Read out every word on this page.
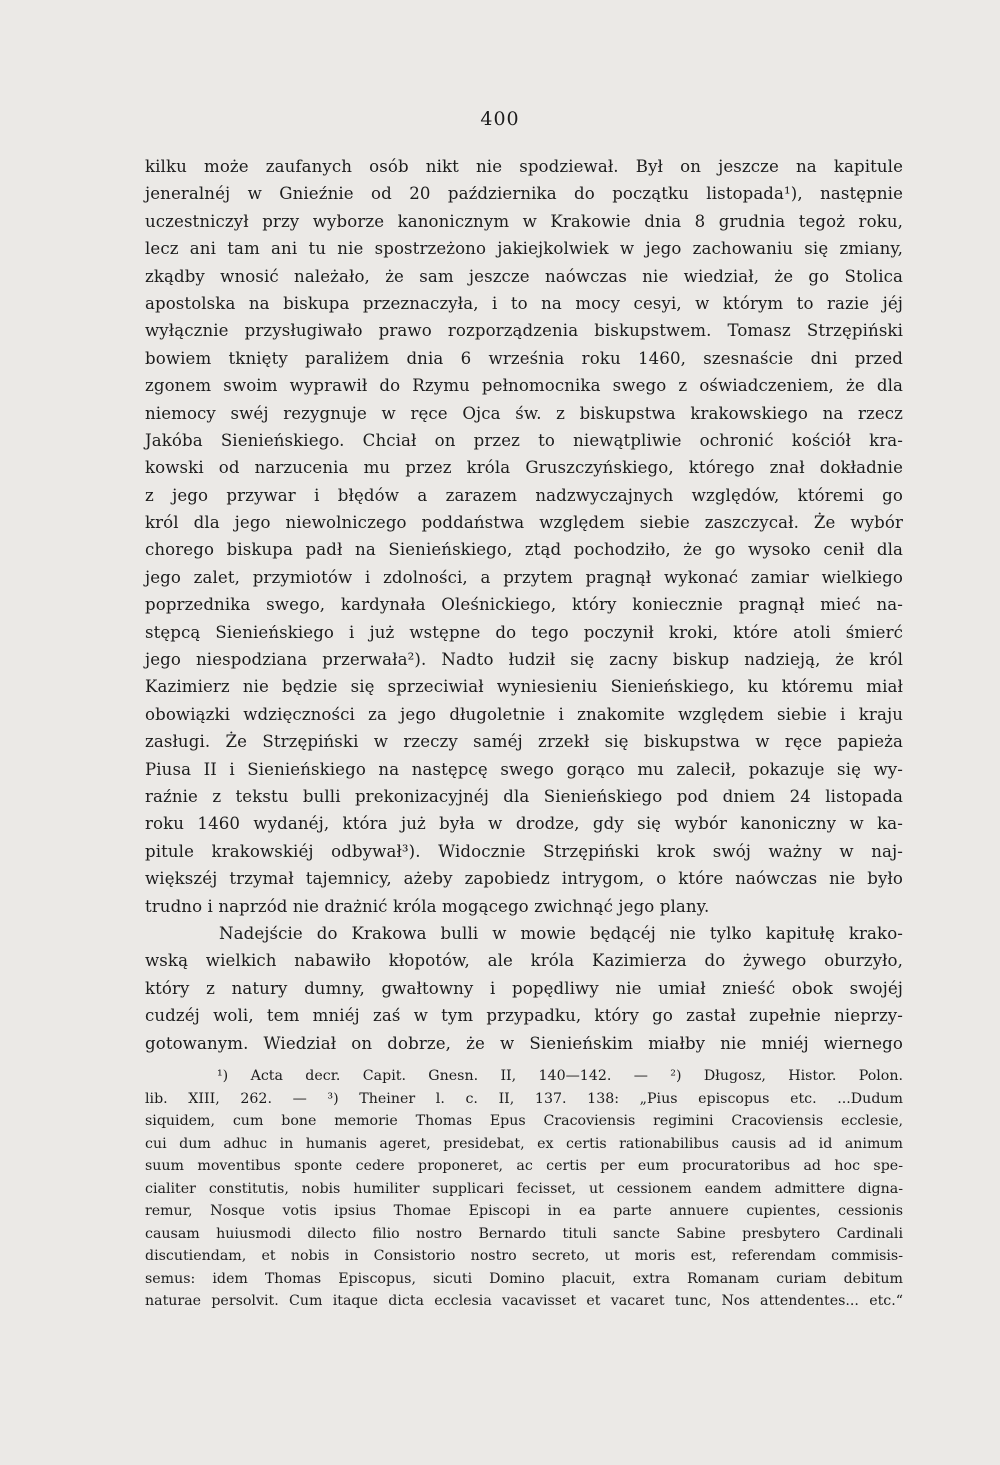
400
kilku może zaufanych osób nikt nie spodziewał. Był on jeszcze na kapitule
jeneralnéj w Gnieźnie od 20 października do początku listopada¹), następnie
uczestniczył przy wyborze kanonicznym w Krakowie dnia 8 grudnia tegoż roku,
lecz ani tam ani tu nie spostrzeżono jakiejkolwiek w jego zachowaniu się zmiany,
zkądby wnosić należało, że sam jeszcze naówczas nie wiedział, że go Stolica
apostolska na biskupa przeznaczyła, i to na mocy cesyi, w którym to razie jéj
wyłącznie przysługiwało prawo rozporządzenia biskupstwem. Tomasz Strzępiński
bowiem tknięty paraliżem dnia 6 września roku 1460, szesnaście dni przed
zgonem swoim wyprawił do Rzymu pełnomocnika swego z oświadczeniem, że dla
niemocy swéj rezygnuje w ręce Ojca św. z biskupstwa krakowskiego na rzecz
Jakóba Sienieńskiego. Chciał on przez to niewątpliwie ochronić kościół kra-
kowski od narzucenia mu przez króla Gruszczyńskiego, którego znał dokładnie
z jego przywar i błędów a zarazem nadzwyczajnych względów, któremi go
król dla jego niewolniczego poddaństwa względem siebie zaszczycał. Że wybór
chorego biskupa padł na Sienieńskiego, ztąd pochodziło, że go wysoko cenił dla
jego zalet, przymiotów i zdolności, a przytem pragnął wykonać zamiar wielkiego
poprzednika swego, kardynała Oleśnickiego, który koniecznie pragnął mieć na-
stępcą Sienieńskiego i już wstępne do tego poczynił kroki, które atoli śmierć
jego niespodziana przerwała²). Nadto łudził się zacny biskup nadzieją, że król
Kazimierz nie będzie się sprzeciwiał wyniesieniu Sienieńskiego, ku któremu miał
obowiązki wdzięczności za jego długoletnie i znakomite względem siebie i kraju
zasługi. Że Strzępiński w rzeczy saméj zrzekł się biskupstwa w ręce papieża
Piusa II i Sienieńskiego na następcę swego gorąco mu zalecił, pokazuje się wy-
raźnie z tekstu bulli prekonizacyjnéj dla Sienieńskiego pod dniem 24 listopada
roku 1460 wydanéj, która już była w drodze, gdy się wybór kanoniczny w ka-
pitule krakowskiéj odbywał³). Widocznie Strzępiński krok swój ważny w naj-
większéj trzymał tajemnicy, ażeby zapobiedz intrygom, o które naówczas nie było
trudno i naprzód nie drażnić króla mogącego zwichnąć jego plany.
Nadejście do Krakowa bulli w mowie będącéj nie tylko kapitułę krako-
wską wielkich nabawiło kłopotów, ale króla Kazimierza do żywego oburzyło,
który z natury dumny, gwałtowny i popędliwy nie umiał znieść obok swojéj
cudzéj woli, tem mniéj zaś w tym przypadku, który go zastał zupełnie nieprzy-
gotowanym. Wiedział on dobrze, że w Sienieńskim miałby nie mniéj wiernego
¹) Acta decr. Capit. Gnesn. II, 140—142. — ²) Długosz, Histor. Polon.
lib. XIII, 262. — ³) Theiner l. c. II, 137. 138: „Pius episcopus etc. ...Dudum
siquidem, cum bone memorie Thomas Epus Cracoviensis regimini Cracoviensis ecclesie,
cui dum adhuc in humanis ageret, presidebat, ex certis rationabilibus causis ad id animum
suum moventibus sponte cedere proponeret, ac certis per eum procuratoribus ad hoc spe-
cialiter constitutis, nobis humiliter supplicari fecisset, ut cessionem eandem admittere digna-
remur, Nosque votis ipsius Thomae Episcopi in ea parte annuere cupientes, cessionis
causam huiusmodi dilecto filio nostro Bernardo tituli sancte Sabine presbytero Cardinali
discutiendam, et nobis in Consistorio nostro secreto, ut moris est, referendam commisis-
semus: idem Thomas Episcopus, sicuti Domino placuit, extra Romanam curiam debitum
naturae persolvit. Cum itaque dicta ecclesia vacavisset et vacaret tunc, Nos attendentes... etc.“
